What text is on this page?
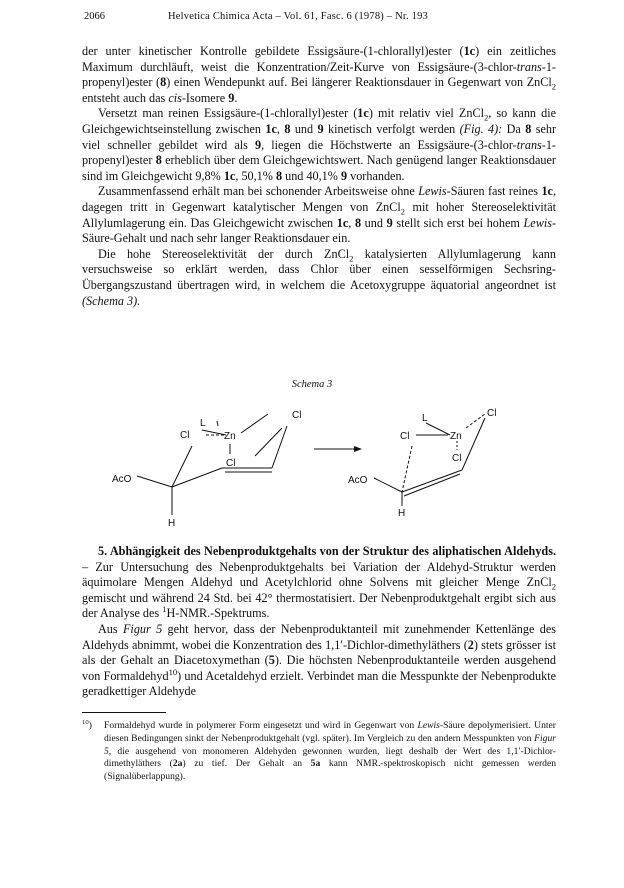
2066	Helvetica Chimica Acta – Vol. 61, Fasc. 6 (1978) – Nr. 193

der unter kinetischer Kontrolle gebildete Essigsäure-(1-chlorallyl)ester (1c) ein zeitliches Maximum durchläuft, weist die Konzentration/Zeit-Kurve von Essigsäure-(3-chlor-trans-1-propenyl)ester (8) einen Wendepunkt auf. Bei längerer Reaktionsdauer in Gegenwart von ZnCl$_2$ entsteht auch das cis-Isomere 9.

Versetzt man reinen Essigsäure-(1-chlorallyl)ester (1c) mit relativ viel ZnCl$_2$, so kann die Gleichgewichtseinstellung zwischen 1c, 8 und 9 kinetisch verfolgt werden (Fig. 4): Da 8 sehr viel schneller gebildet wird als 9, liegen die Höchstwerte an Essigsäure-(3-chlor-trans-1-propenyl)ester 8 erheblich über dem Gleichgewichtswert. Nach genügend langer Reaktionsdauer sind im Gleichgewicht 9,8% 1c, 50,1% 8 und 40,1% 9 vorhanden.

Zusammenfassend erhält man bei schonender Arbeitsweise ohne Lewis-Säuren fast reines 1c, dagegen tritt in Gegenwart katalytischer Mengen von ZnCl$_2$ mit hoher Stereoselektivität Allylumlagerung ein. Das Gleichgewicht zwischen 1c, 8 und 9 stellt sich erst bei hohem Lewis-Säure-Gehalt und nach sehr langer Reaktionsdauer ein.

Die hohe Stereoselektivität der durch ZnCl$_2$ katalysierten Allylumlagerung kann versuchsweise so erklärt werden, dass Chlor über einen sesselförmigen Sechsring-Übergangszustand übertragen wird, in welchem die Acetoxygruppe äquatorial angeordnet ist (Schema 3).

Schema 3
L
Cl
Cl	Zn
Cl
AcO
H
L	Cl
Cl	Zn
Cl
AcO
H

5. Abhängigkeit des Nebenproduktgehalts von der Struktur des aliphatischen Aldehyds. – Zur Untersuchung des Nebenproduktgehalts bei Variation der Aldehyd-Struktur werden äquimolare Mengen Aldehyd und Acetylchlorid ohne Solvens mit gleicher Menge ZnCl$_2$ gemischt und während 24 Std. bei 42° thermostatisiert. Der Nebenproduktgehalt ergibt sich aus der Analyse des $^1$H-NMR.-Spektrums.

Aus Figur 5 geht hervor, dass der Nebenproduktanteil mit zunehmender Kettenlänge des Aldehyds abnimmt, wobei die Konzentration des 1,1′-Dichlor-dimethyläthers (2) stets grösser ist als der Gehalt an Diacetoxymethan (5). Die höchsten Nebenproduktanteile werden ausgehend von Formaldehyd$^{10}$) und Acetaldehyd erzielt. Verbindet man die Messpunkte der Nebenprodukte geradkettiger Aldehyde

$^{10}$)	Formaldehyd wurde in polymerer Form eingesetzt und wird in Gegenwart von Lewis-Säure depolymerisiert. Unter diesen Bedingungen sinkt der Nebenproduktgehalt (vgl. später). Im Vergleich zu den andern Messpunkten von Figur 5, die ausgehend von monomeren Aldehyden gewonnen wurden, liegt deshalb der Wert des 1,1′-Dichlor-dimethyläthers (2a) zu tief. Der Gehalt an 5a kann NMR.-spektroskopisch nicht gemessen werden (Signalüberlappung).
